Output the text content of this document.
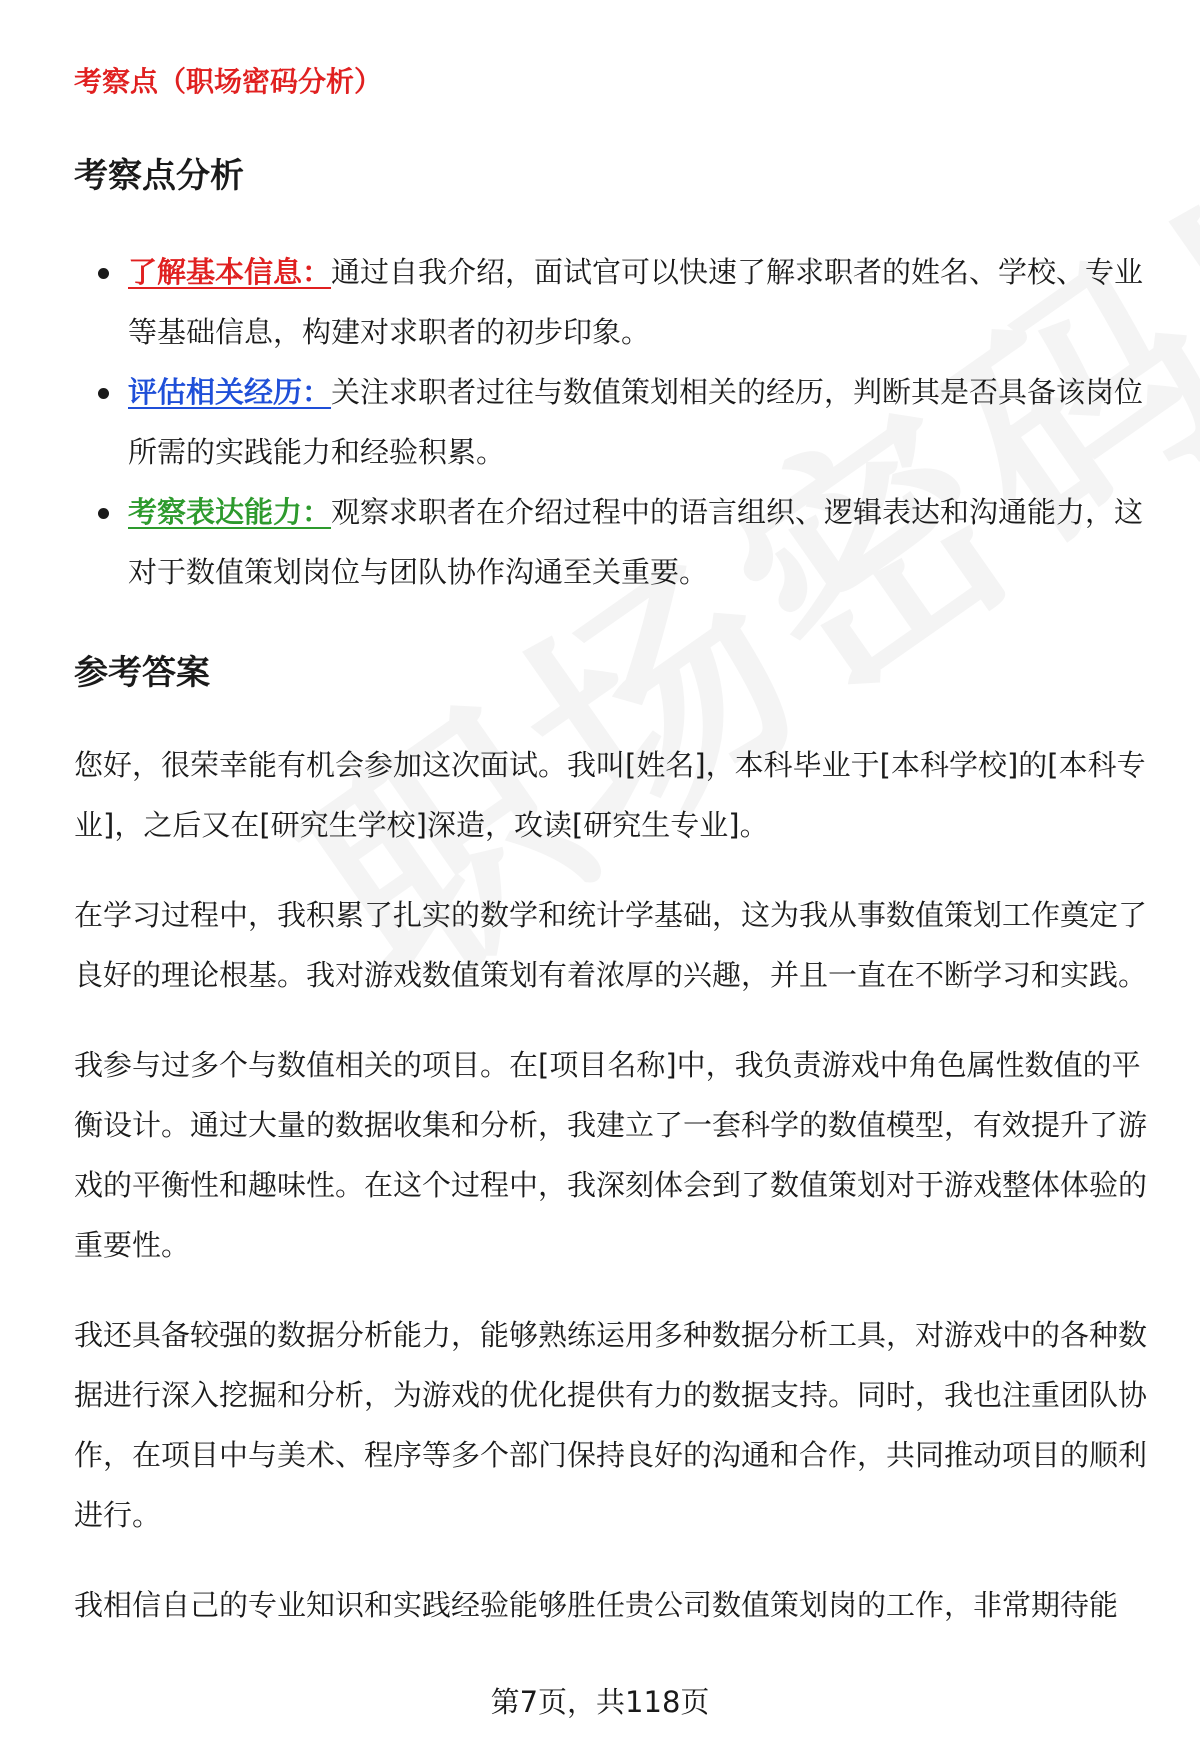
考察点（职场密码分析）
考察点分析
了解基本信息：通过自我介绍，面试官可以快速了解求职者的姓名、学校、专业等基础信息，构建对求职者的初步印象。
评估相关经历：关注求职者过往与数值策划相关的经历，判断其是否具备该岗位所需的实践能力和经验积累。
考察表达能力：观察求职者在介绍过程中的语言组织、逻辑表达和沟通能力，这对于数值策划岗位与团队协作沟通至关重要。
参考答案

您好，很荣幸能有机会参加这次面试。我叫[姓名]，本科毕业于[本科学校]的[本科专业]，之后又在[研究生学校]深造，攻读[研究生专业]。

在学习过程中，我积累了扎实的数学和统计学基础，这为我从事数值策划工作奠定了良好的理论根基。我对游戏数值策划有着浓厚的兴趣，并且一直在不断学习和实践。

我参与过多个与数值相关的项目。在[项目名称]中，我负责游戏中角色属性数值的平衡设计。通过大量的数据收集和分析，我建立了一套科学的数值模型，有效提升了游戏的平衡性和趣味性。在这个过程中，我深刻体会到了数值策划对于游戏整体体验的重要性。

我还具备较强的数据分析能力，能够熟练运用多种数据分析工具，对游戏中的各种数据进行深入挖掘和分析，为游戏的优化提供有力的数据支持。同时，我也注重团队协作，在项目中与美术、程序等多个部门保持良好的沟通和合作，共同推动项目的顺利进行。

我相信自己的专业知识和实践经验能够胜任贵公司数值策划岗的工作，非常期待能

第7页，共118页
